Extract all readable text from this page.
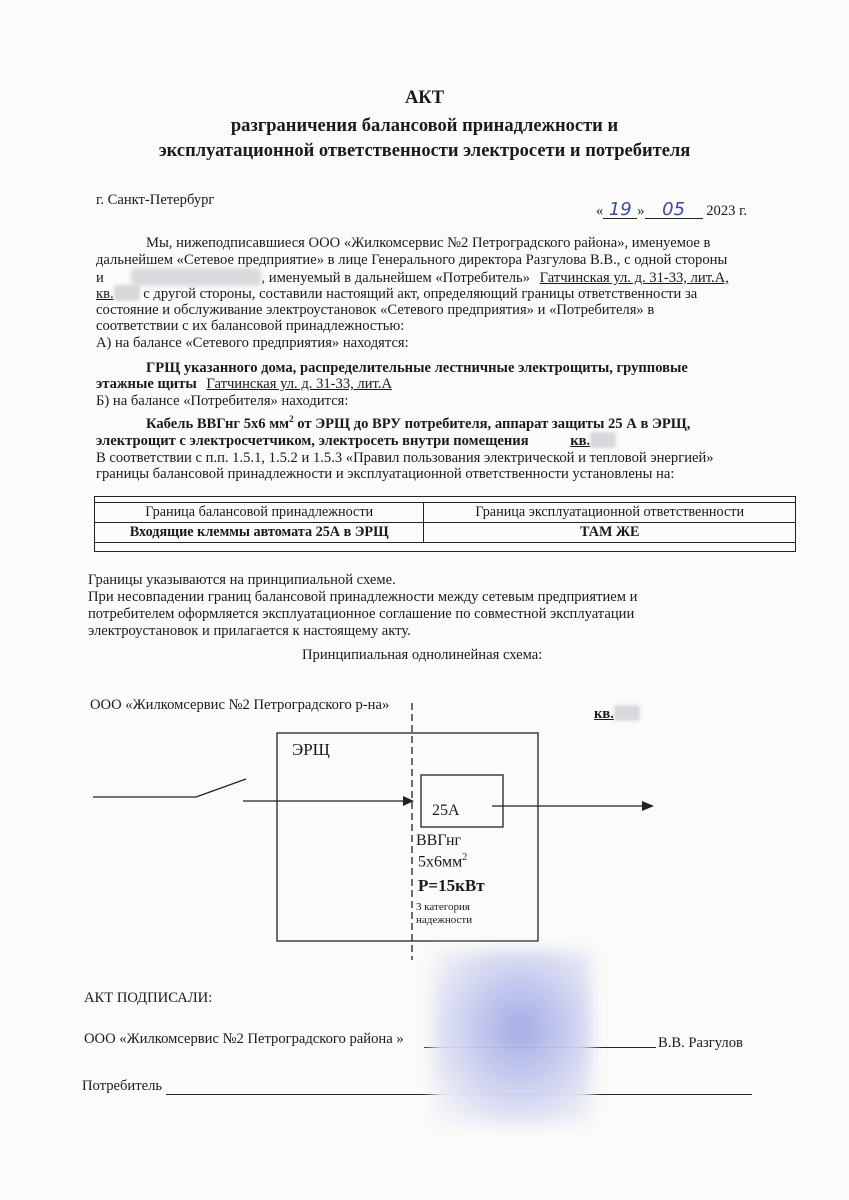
АКТ
разграничения балансовой принадлежности и
эксплуатационной ответственности электросети и потребителя
г. Санкт-Петербург
« 19 » 05 2023 г.
Мы, нижеподписавшиеся ООО «Жилкомсервис №2 Петроградского района», именуемое в
дальнейшем «Сетевое предприятие» в лице Генерального директора Разгулова В.В., с одной стороны
и	, именуемый в дальнейшем «Потребитель» Гатчинская ул. д. 31-33, лит.А,
кв. с другой стороны, составили настоящий акт, определяющий границы ответственности за
состояние и обслуживание электроустановок «Сетевого предприятия» и «Потребителя» в
соответствии с их балансовой принадлежностью:
А) на балансе «Сетевого предприятия» находятся:
ГРЩ указанного дома, распределительные лестничные электрощиты, групповые
этажные щиты Гатчинская ул. д. 31-33, лит.А
Б) на балансе «Потребителя» находится:
Кабель ВВГнг 5х6 $мм^2$ от ЭРЩ до ВРУ потребителя, аппарат защиты 25 А в ЭРЩ,
электрощит с электросчетчиком, электросеть внутри помещения	кв.
В соответствии с п.п. 1.5.1, 1.5.2 и 1.5.3 «Правил пользования электрической и тепловой энергией»
границы балансовой принадлежности и эксплуатационной ответственности установлены на:
Граница балансовой принадлежности	Граница эксплуатационной ответственности
Входящие клеммы автомата 25А в ЭРЩ	ТАМ ЖЕ
Границы указываются на принципиальной схеме.
При несовпадении границ балансовой принадлежности между сетевым предприятием и
потребителем оформляется эксплуатационное соглашение по совместной эксплуатации
электроустановок и прилагается к настоящему акту.
Принципиальная однолинейная схема:
ООО «Жилкомсервис №2 Петроградского р-на»
кв.
ЭРЩ
25А
ВВГнг
$5х6мм^2$
Р=15кВт
3 категория
надежности
АКТ ПОДПИСАЛИ:
ООО «Жилкомсервис №2 Петроградского района »	В.В. Разгулов
Потребитель
